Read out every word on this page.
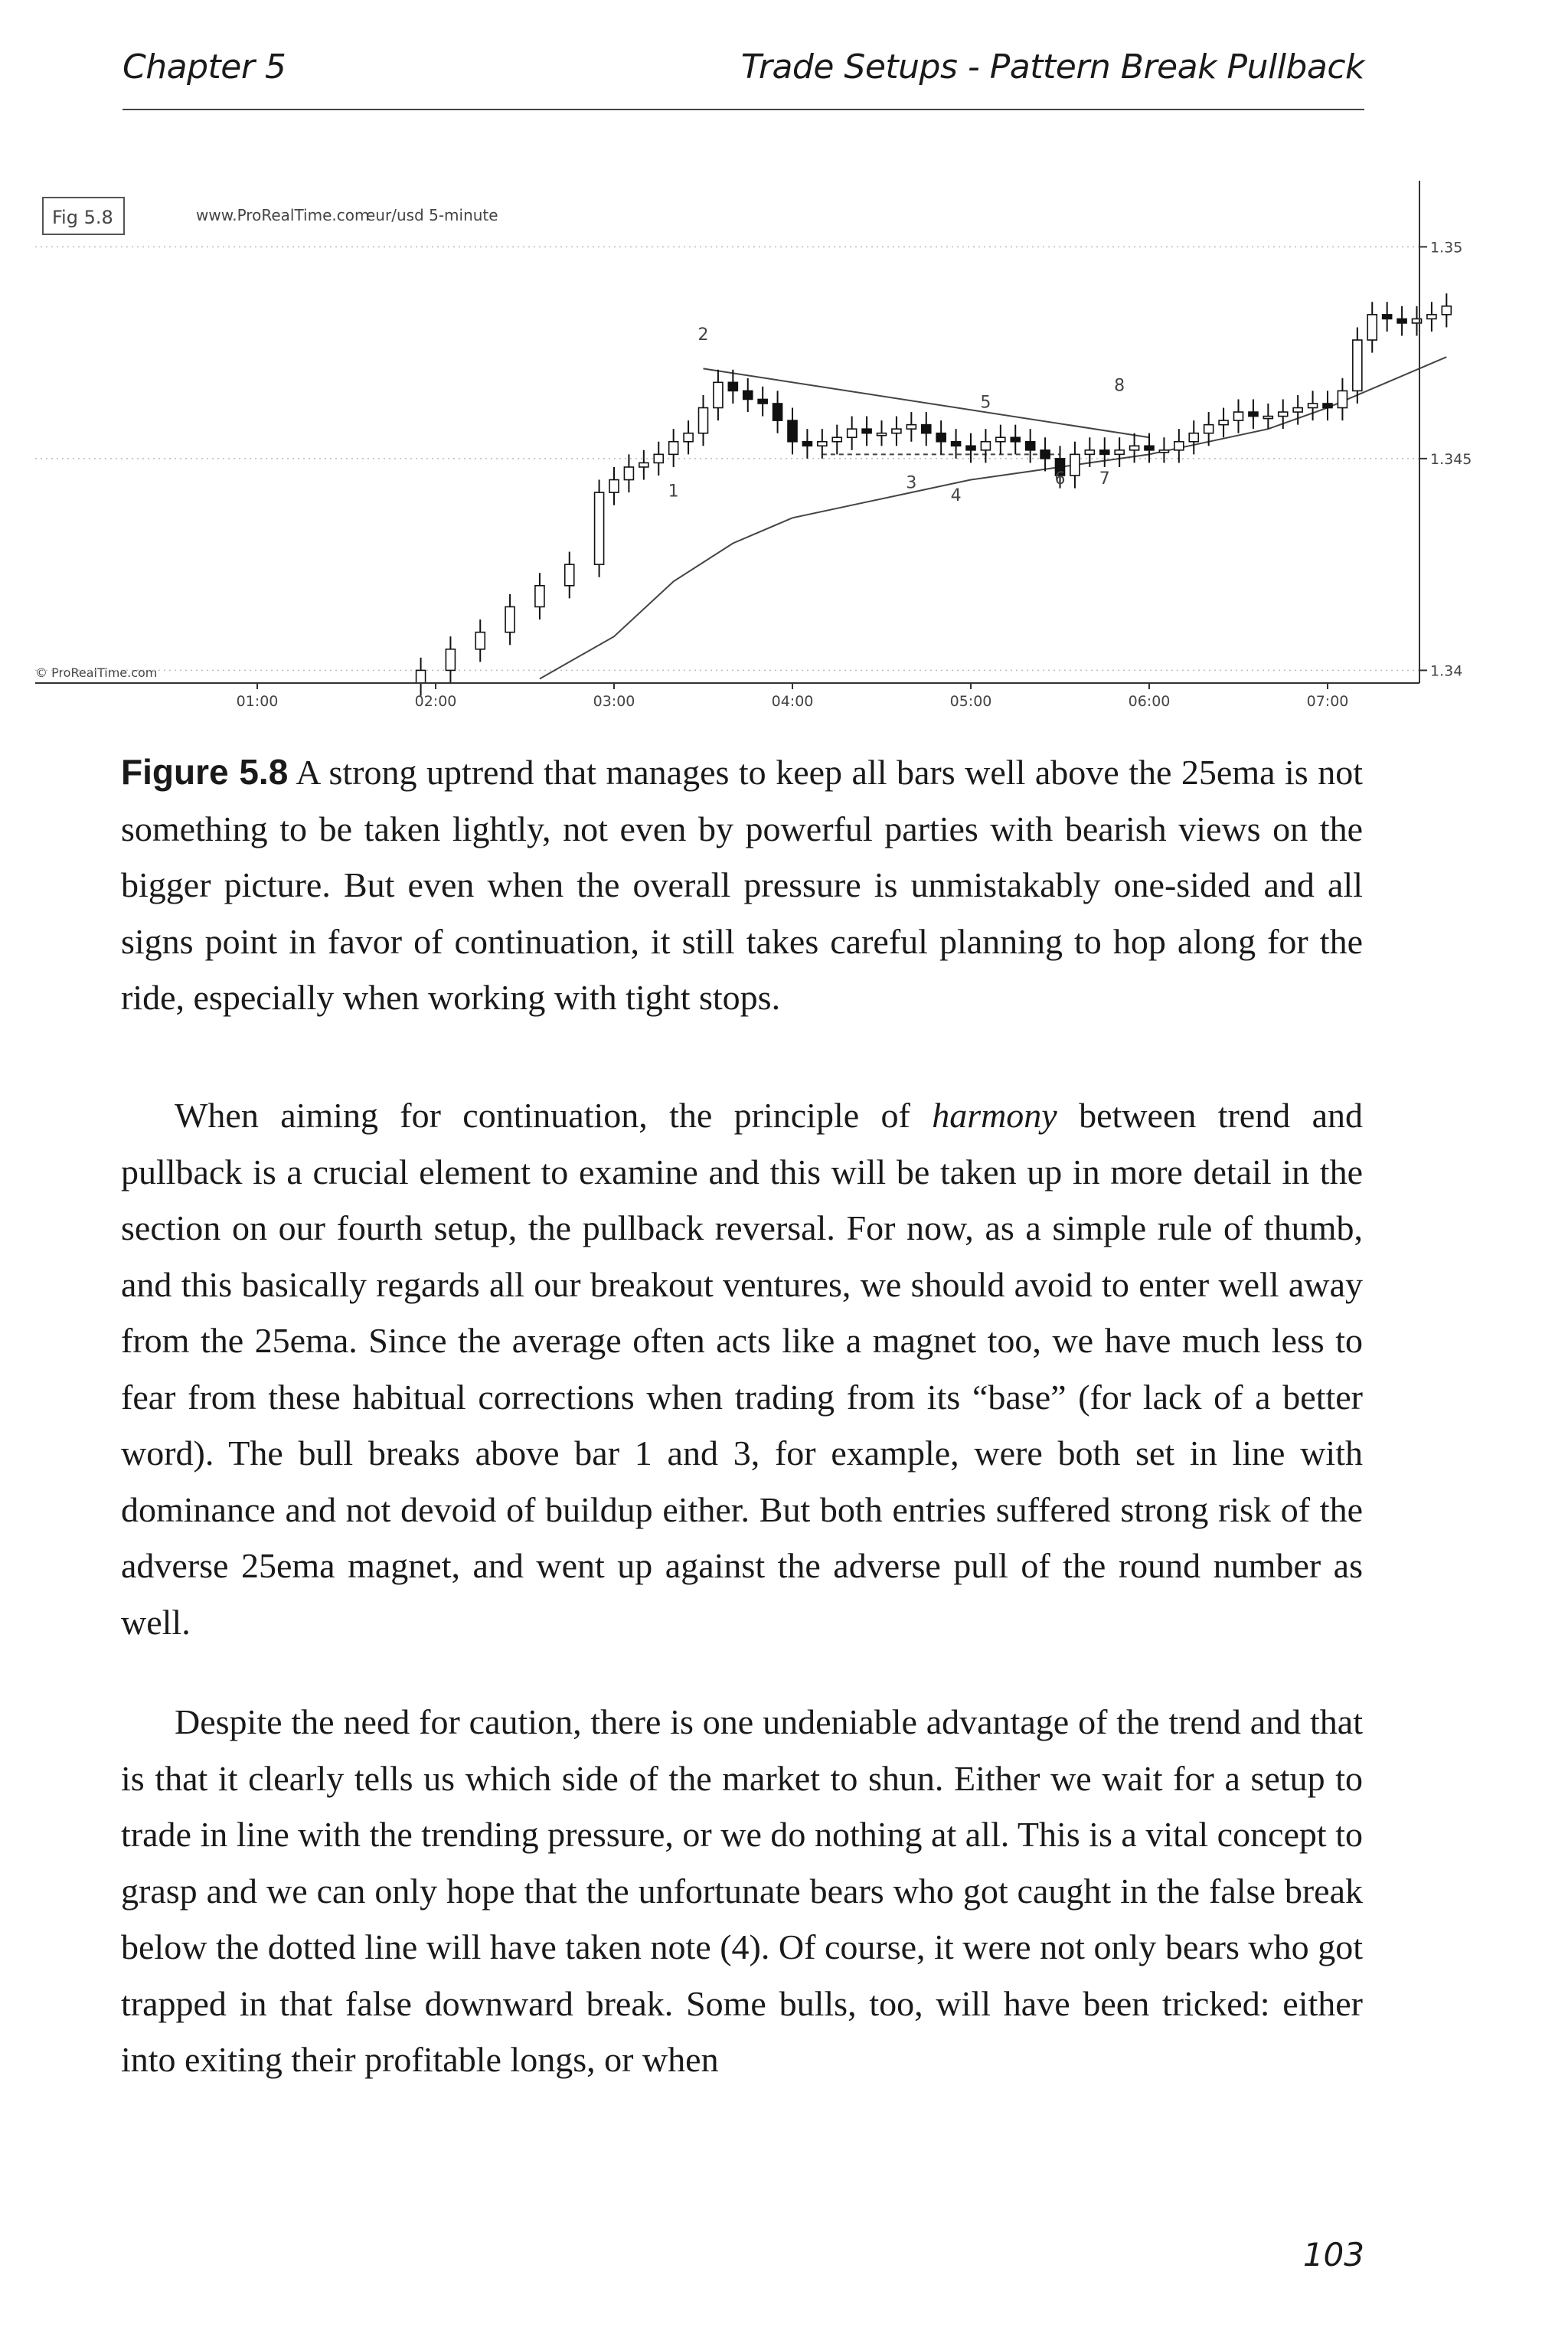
Chapter 5	Trade Setups - Pattern Break Pullback
Fig 5.8	www.ProRealTime.com
eur/usd 5-minute
© ProRealTime.com
1
2
3
4
5
6 7
8
1.35
1.345
1.34
01:00	02:00	03:00	04:00	05:00	06:00	07:00

Figure 5.8 A strong uptrend that manages to keep all bars well above the 25ema is not something to be taken lightly, not even by powerful parties with bearish views on the bigger picture. But even when the overall pressure is unmistakably one-sided and all signs point in favor of continuation, it still takes careful planning to hop along for the ride, especially when working with tight stops.

When aiming for continuation, the principle of harmony between trend and pullback is a crucial element to examine and this will be taken up in more detail in the section on our fourth setup, the pullback reversal. For now, as a simple rule of thumb, and this basically regards all our breakout ventures, we should avoid to enter well away from the 25ema. Since the average often acts like a magnet too, we have much less to fear from these habitual corrections when trading from its “base” (for lack of a better word). The bull breaks above bar 1 and 3, for example, were both set in line with dominance and not devoid of buildup either. But both entries suffered strong risk of the adverse 25ema magnet, and went up against the adverse pull of the round number as well.

Despite the need for caution, there is one undeniable advantage of the trend and that is that it clearly tells us which side of the market to shun. Either we wait for a setup to trade in line with the trending pressure, or we do nothing at all. This is a vital concept to grasp and we can only hope that the unfortunate bears who got caught in the false break below the dotted line will have taken note (4). Of course, it were not only bears who got trapped in that false downward break. Some bulls, too, will have been tricked: either into exiting their profitable longs, or when

103
